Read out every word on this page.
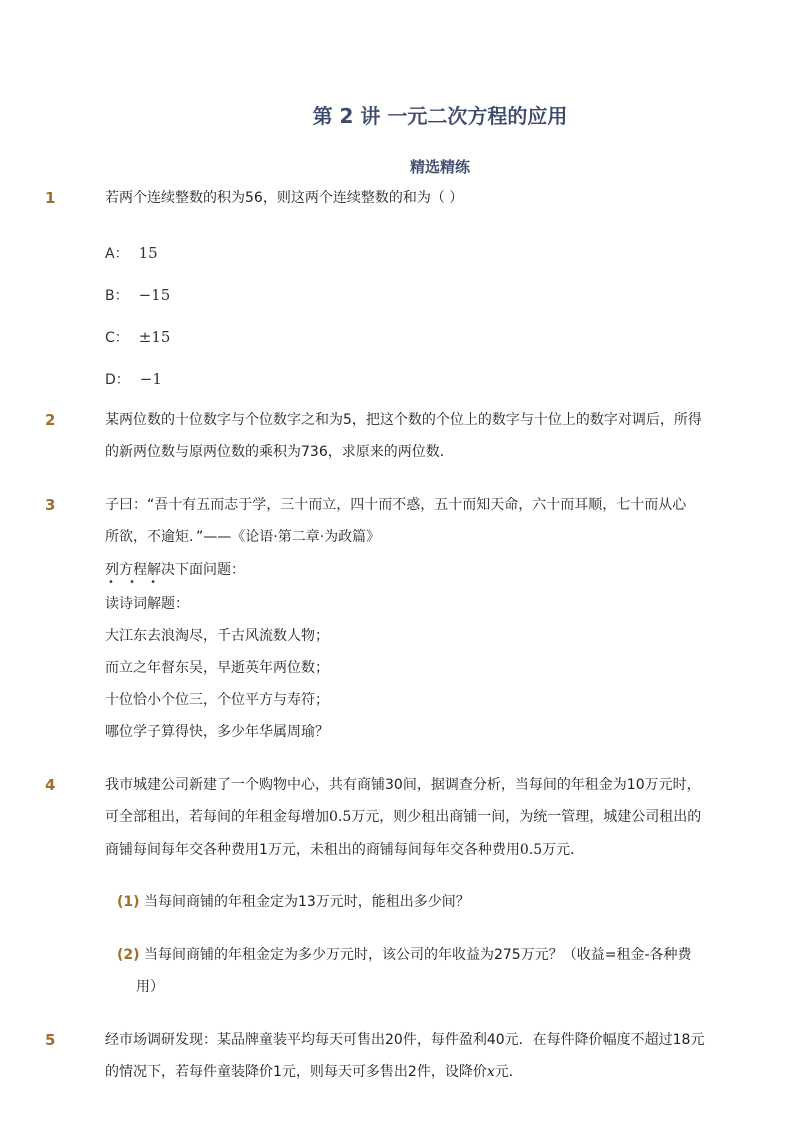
第 2 讲 一元二次方程的应用
精选精练
1	若两个连续整数的积为56，则这两个连续整数的和为（ ）
A： 15
B： −15
C： ±15
D： −1
2	某两位数的十位数字与个位数字之和为5，把这个数的个位上的数字与十位上的数字对调后，所得
的新两位数与原两位数的乘积为736，求原来的两位数．
3	子曰：“吾十有五而志于学，三十而立，四十而不惑，五十而知天命，六十而耳顺，七十而从心
所欲，不逾矩．”——《论语·第二章·为政篇》
列方程解决下面问题：
• • •
读诗词解题：
大江东去浪淘尽，千古风流数人物；
而立之年督东吴，早逝英年两位数；
十位恰小个位三，个位平方与寿符；
哪位学子算得快，多少年华属周瑜？
4	我市城建公司新建了一个购物中心，共有商铺30间，据调查分析，当每间的年租金为10万元时，
可全部租出，若每间的年租金每增加0.5万元，则少租出商铺一间，为统一管理，城建公司租出的
商铺每间每年交各种费用1万元，未租出的商铺每间每年交各种费用0.5万元．
(1) 当每间商铺的年租金定为13万元时，能租出多少间？
(2) 当每间商铺的年租金定为多少万元时，该公司的年收益为275万元？（收益=租金-各种费
用）
5	经市场调研发现：某品牌童装平均每天可售出20件，每件盈利40元．在每件降价幅度不超过18元
的情况下，若每件童装降价1元，则每天可多售出2件，设降价x元．
